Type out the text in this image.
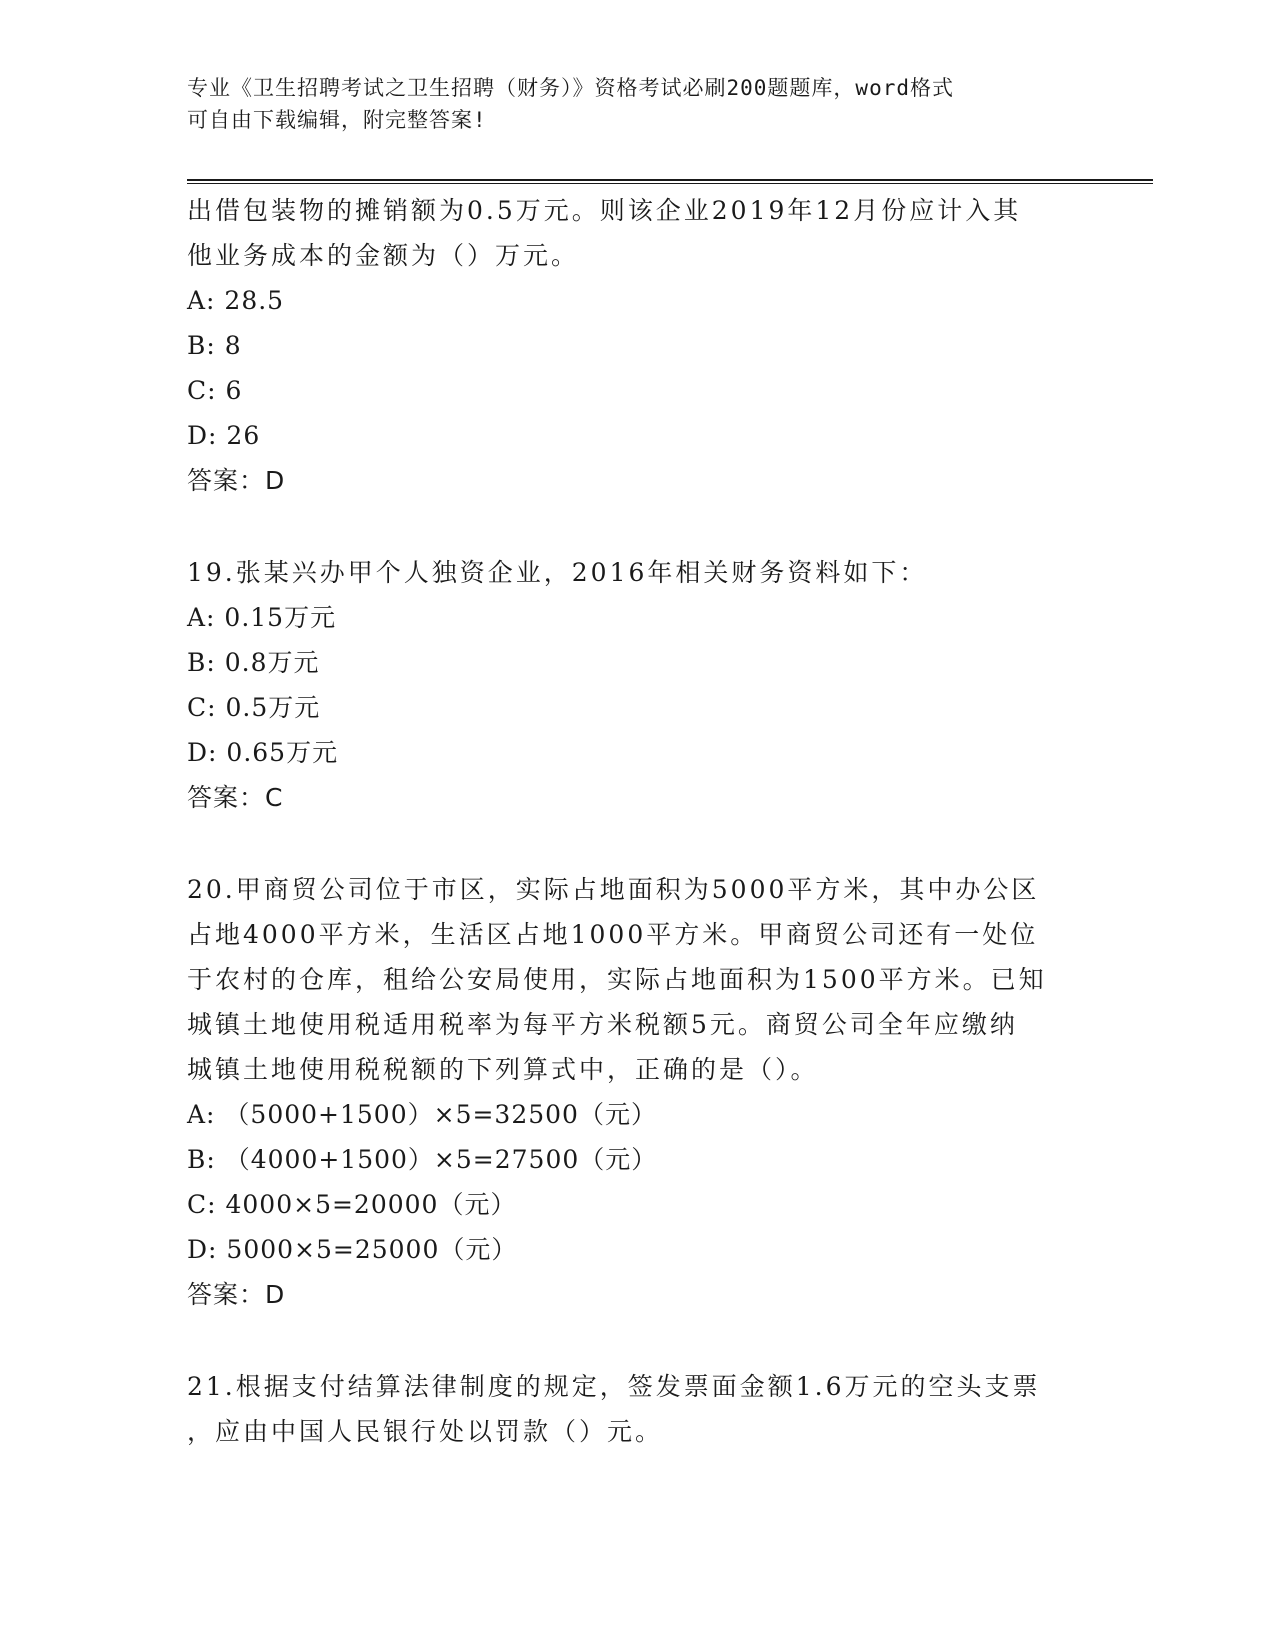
专业《卫生招聘考试之卫生招聘（财务）》资格考试必刷200题题库，word格式
可自由下载编辑，附完整答案!

出借包装物的摊销额为0.5万元。则该企业2019年12月份应计入其

他业务成本的金额为（）万元。

A: 28.5

B: 8

C: 6

D: 26

答案：D

19.张某兴办甲个人独资企业，2016年相关财务资料如下：

A: 0.15万元

B: 0.8万元

C: 0.5万元

D: 0.65万元

答案：C

20.甲商贸公司位于市区，实际占地面积为5000平方米，其中办公区

占地4000平方米，生活区占地1000平方米。甲商贸公司还有一处位

于农村的仓库，租给公安局使用，实际占地面积为1500平方米。已知

城镇土地使用税适用税率为每平方米税额5元。商贸公司全年应缴纳

城镇土地使用税税额的下列算式中，正确的是（）。

A: （5000+1500）×5=32500（元）

B: （4000+1500）×5=27500（元）

C: 4000×5=20000（元）

D: 5000×5=25000（元）

答案：D

21.根据支付结算法律制度的规定，签发票面金额1.6万元的空头支票

，应由中国人民银行处以罚款（）元。
